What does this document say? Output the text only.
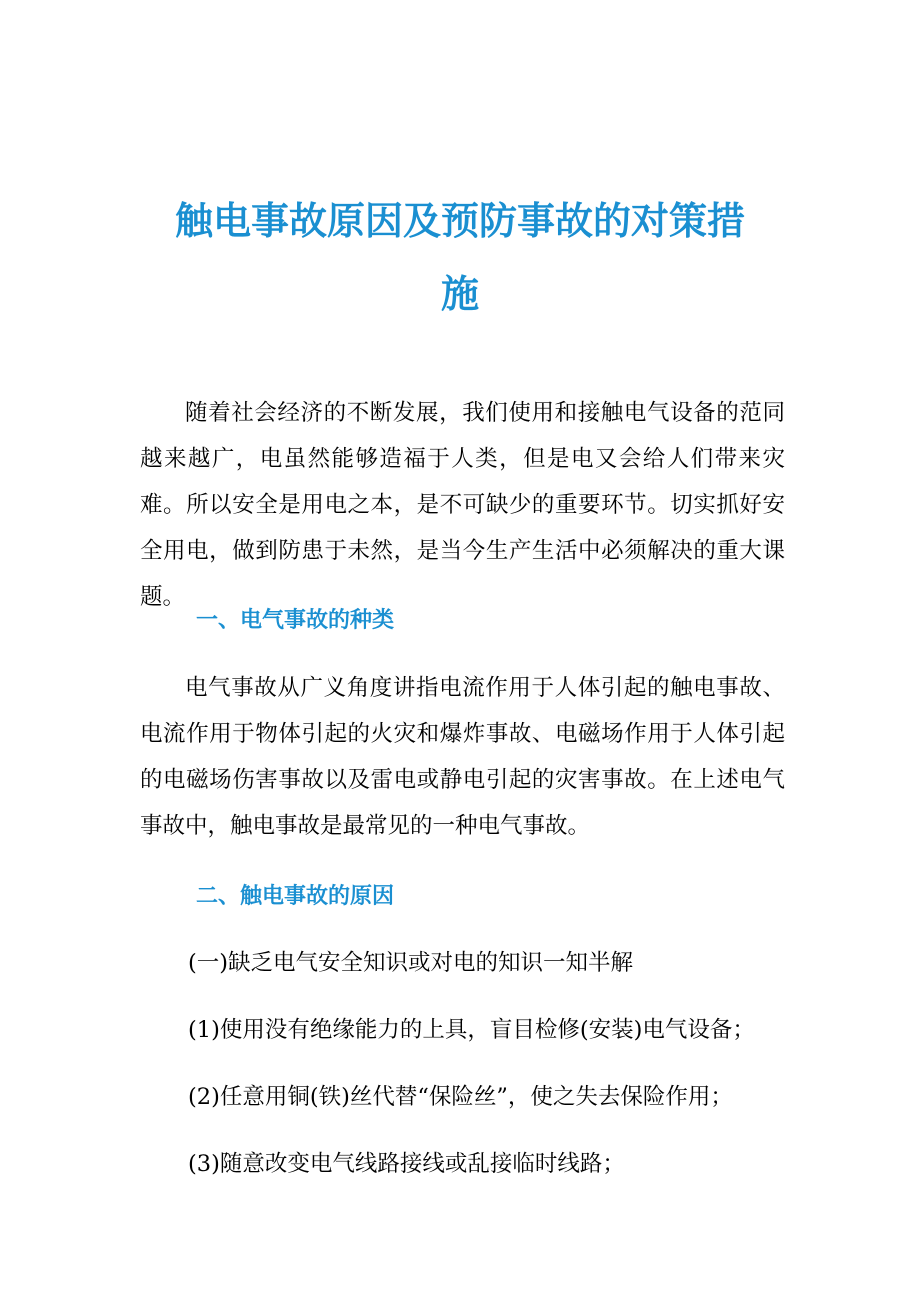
触电事故原因及预防事故的对策措
施

随着社会经济的不断发展，我们使用和接触电气设备的范同越来越广，电虽然能够造福于人类，但是电又会给人们带来灾难。所以安全是用电之本，是不可缺少的重要环节。切实抓好安全用电，做到防患于未然，是当今生产生活中必须解决的重大课题。

一、电气事故的种类

电气事故从广义角度讲指电流作用于人体引起的触电事故、电流作用于物体引起的火灾和爆炸事故、电磁场作用于人体引起的电磁场伤害事故以及雷电或静电引起的灾害事故。在上述电气事故中，触电事故是最常见的一种电气事故。

二、触电事故的原因

(一)缺乏电气安全知识或对电的知识一知半解

(1)使用没有绝缘能力的上具，盲目检修(安装)电气设备；

(2)任意用铜(铁)丝代替“保险丝”，使之失去保险作用；

(3)随意改变电气线路接线或乱接临时线路；
